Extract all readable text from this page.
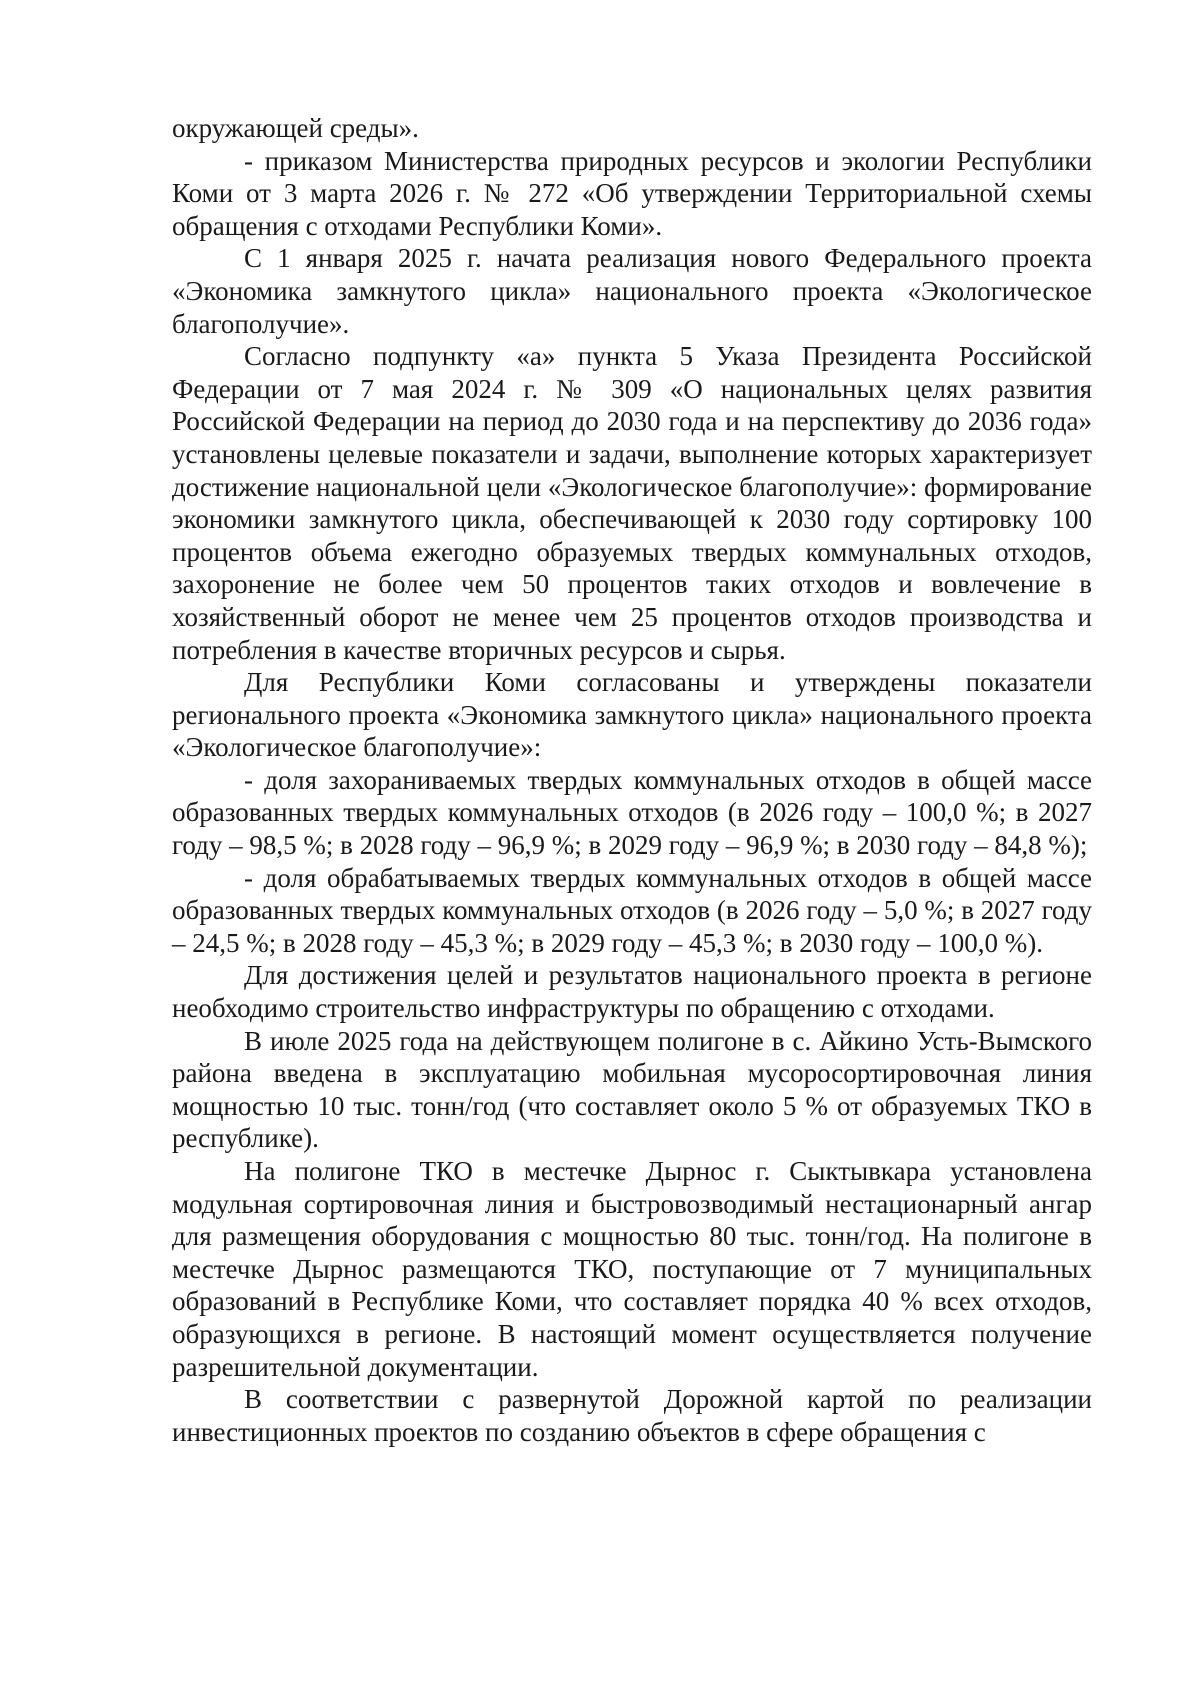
окружающей среды».

- приказом Министерства природных ресурсов и экологии Республики Коми от 3 марта 2026 г. № 272 «Об утверждении Территориальной схемы обращения с отходами Республики Коми».

С 1 января 2025 г. начата реализация нового Федерального проекта «Экономика замкнутого цикла» национального проекта «Экологическое благополучие».

Согласно подпункту «а» пункта 5 Указа Президента Российской Федерации от 7 мая 2024 г. № 309 «О национальных целях развития Российской Федерации на период до 2030 года и на перспективу до 2036 года» установлены целевые показатели и задачи, выполнение которых характеризует достижение национальной цели «Экологическое благополучие»: формирование экономики замкнутого цикла, обеспечивающей к 2030 году сортировку 100 процентов объема ежегодно образуемых твердых коммунальных отходов, захоронение не более чем 50 процентов таких отходов и вовлечение в хозяйственный оборот не менее чем 25 процентов отходов производства и потребления в качестве вторичных ресурсов и сырья.

Для Республики Коми согласованы и утверждены показатели регионального проекта «Экономика замкнутого цикла» национального проекта «Экологическое благополучие»:

- доля захораниваемых твердых коммунальных отходов в общей массе образованных твердых коммунальных отходов (в 2026 году – 100,0 %; в 2027 году – 98,5 %; в 2028 году – 96,9 %; в 2029 году – 96,9 %; в 2030 году – 84,8 %);

- доля обрабатываемых твердых коммунальных отходов в общей массе образованных твердых коммунальных отходов (в 2026 году – 5,0 %; в 2027 году – 24,5 %; в 2028 году – 45,3 %; в 2029 году – 45,3 %; в 2030 году – 100,0 %).

Для достижения целей и результатов национального проекта в регионе необходимо строительство инфраструктуры по обращению с отходами.

В июле 2025 года на действующем полигоне в с. Айкино Усть-Вымского района введена в эксплуатацию мобильная мусоросортировочная линия мощностью 10 тыс. тонн/год (что составляет около 5 % от образуемых ТКО в республике).

На полигоне ТКО в местечке Дырнос г. Сыктывкара установлена модульная сортировочная линия и быстровозводимый нестационарный ангар для размещения оборудования с мощностью 80 тыс. тонн/год. На полигоне в местечке Дырнос размещаются ТКО, поступающие от 7 муниципальных образований в Республике Коми, что составляет порядка 40 % всех отходов, образующихся в регионе. В настоящий момент осуществляется получение разрешительной документации.

В соответствии с развернутой Дорожной картой по реализации инвестиционных проектов по созданию объектов в сфере обращения с
